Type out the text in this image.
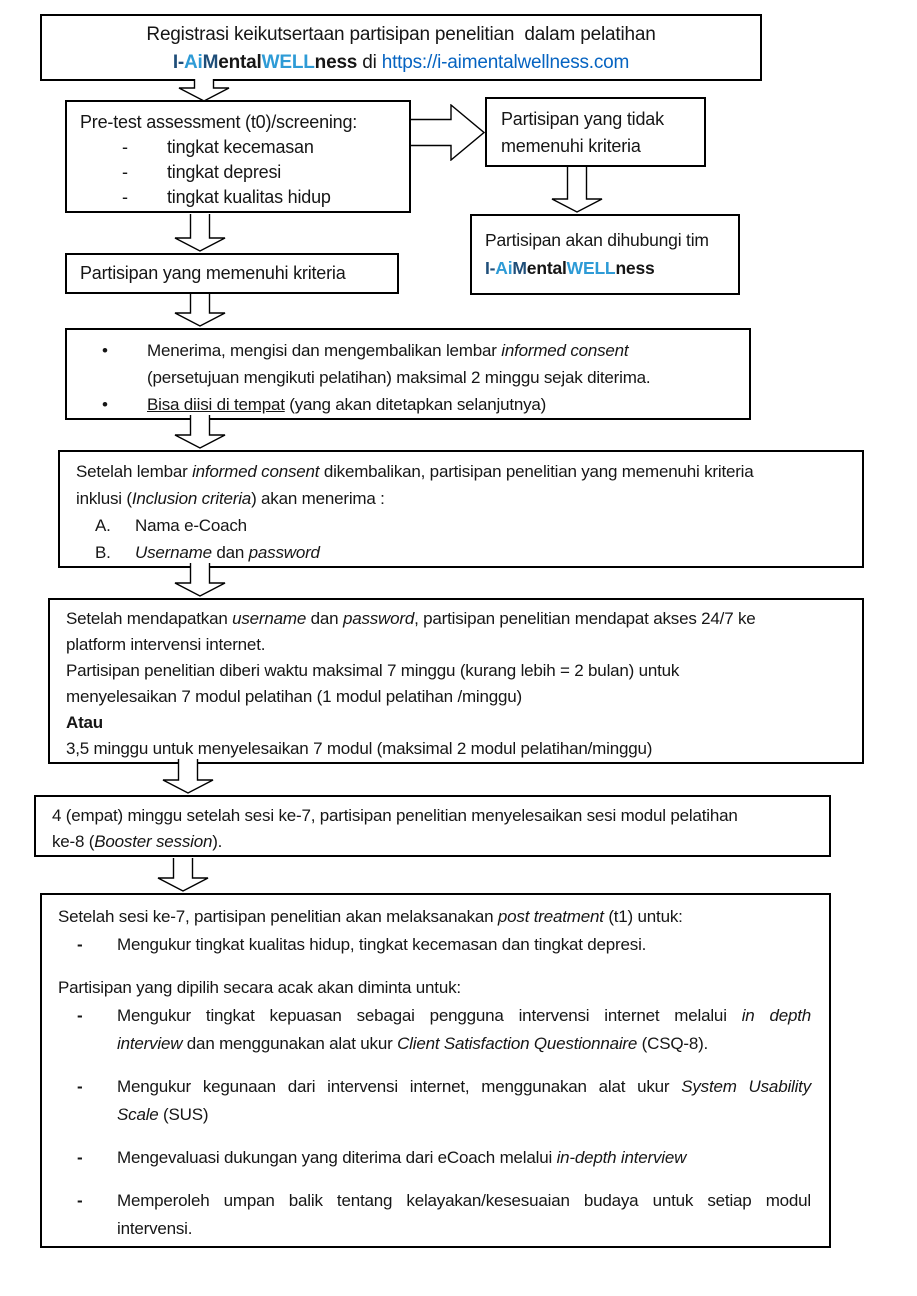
Registrasi keikutsertaan partisipan penelitian  dalam pelatihan
I-AiMentalWELLness di https://i-aimentalwellness.com
Pre-test assessment (t0)/screening:
-	tingkat kecemasan
-	tingkat depresi
-	tingkat kualitas hidup
Partisipan yang tidak
memenuhi kriteria
Partisipan akan dihubungi tim
I-AiMentalWELLness
Partisipan yang memenuhi kriteria
•	Menerima, mengisi dan mengembalikan lembar informed consent
(persetujuan mengikuti pelatihan) maksimal 2 minggu sejak diterima.
•	Bisa diisi di tempat (yang akan ditetapkan selanjutnya)
Setelah lembar informed consent dikembalikan, partisipan penelitian yang memenuhi kriteria
inklusi (Inclusion criteria) akan menerima :
A.	Nama e-Coach
B.	Username dan password
Setelah mendapatkan username dan password, partisipan penelitian mendapat akses 24/7 ke
platform intervensi internet.
Partisipan penelitian diberi waktu maksimal 7 minggu (kurang lebih = 2 bulan) untuk
menyelesaikan 7 modul pelatihan (1 modul pelatihan /minggu)
Atau
3,5 minggu untuk menyelesaikan 7 modul (maksimal 2 modul pelatihan/minggu)
4 (empat) minggu setelah sesi ke-7, partisipan penelitian menyelesaikan sesi modul pelatihan
ke-8 (Booster session).
Setelah sesi ke-7, partisipan penelitian akan melaksanakan post treatment (t1) untuk:
-	Mengukur tingkat kualitas hidup, tingkat kecemasan dan tingkat depresi.
Partisipan yang dipilih secara acak akan diminta untuk:
-	Mengukur tingkat kepuasan sebagai pengguna intervensi internet melalui in depth
interview dan menggunakan alat ukur Client Satisfaction Questionnaire (CSQ-8).
-	Mengukur kegunaan dari intervensi internet, menggunakan alat ukur System Usability
Scale (SUS)
-	Mengevaluasi dukungan yang diterima dari eCoach melalui in-depth interview
-	Memperoleh umpan balik tentang kelayakan/kesesuaian budaya untuk setiap modul
intervensi.
